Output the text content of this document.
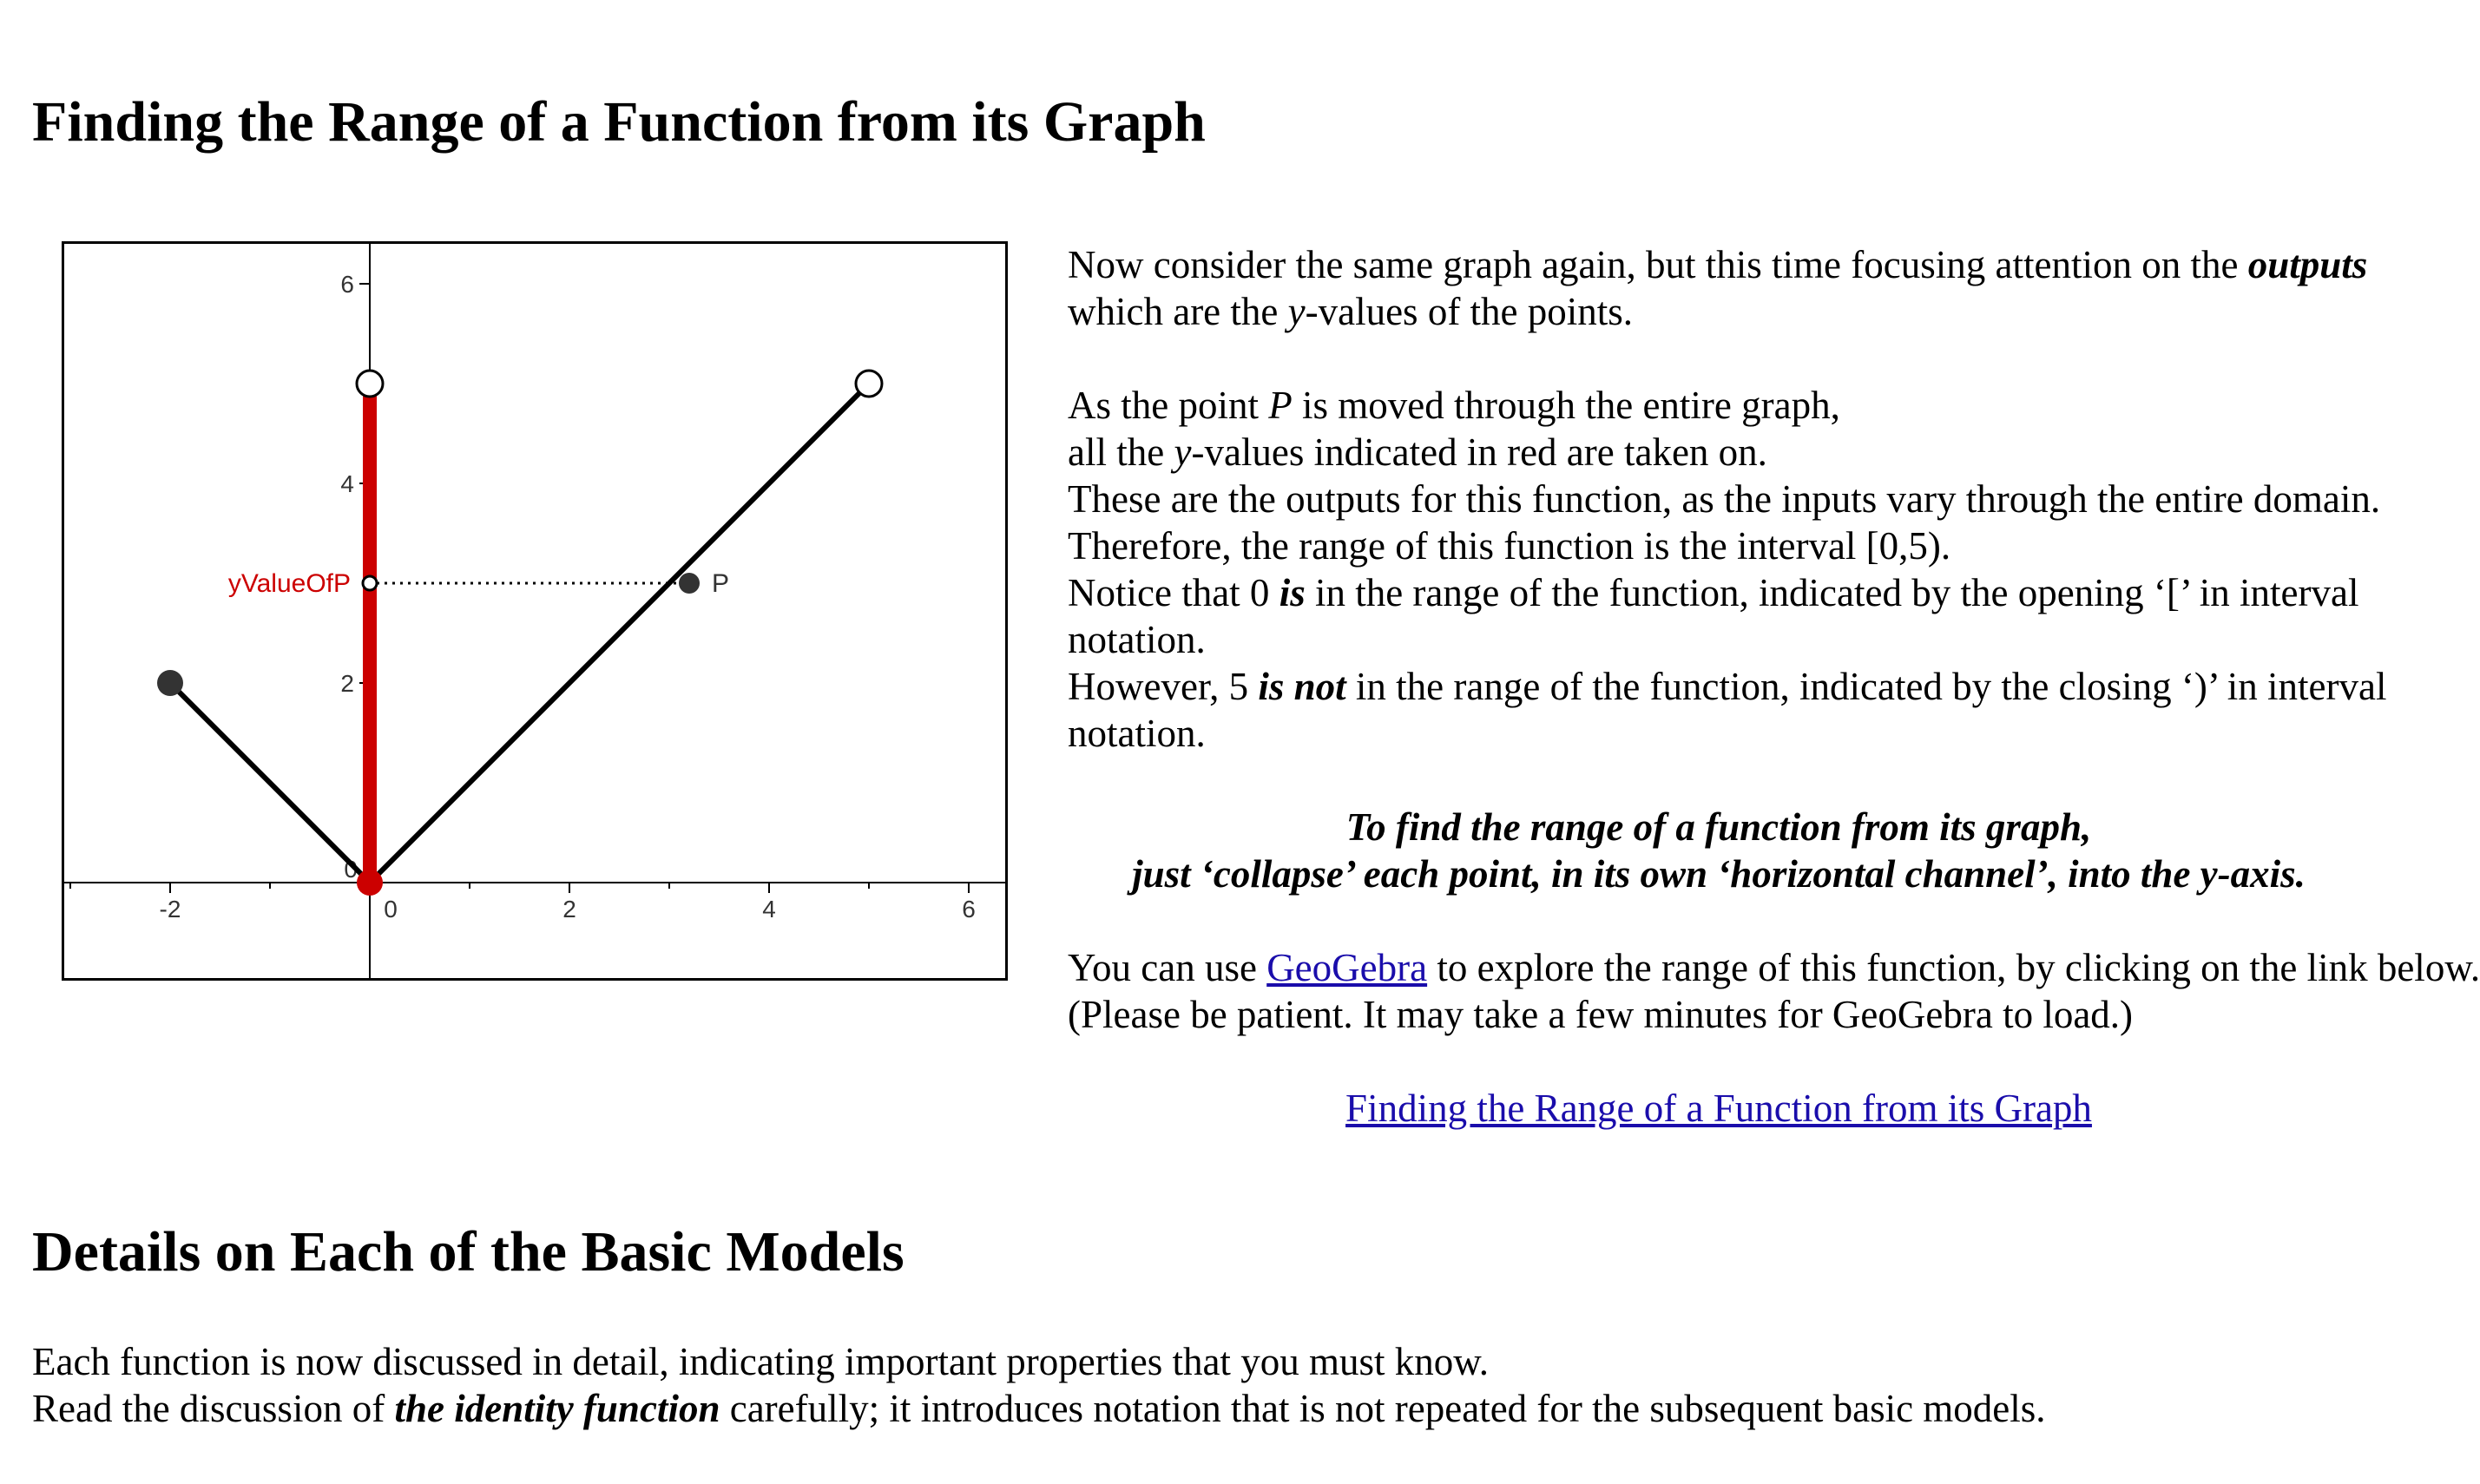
Finding the Range of a Function from its Graph
-2	0	2	4	6
2
4
6
0
yValueOfP	P
Now consider the same graph again, but this time focusing attention on the outputs
which are the y-values of the points.
As the point P is moved through the entire graph,
all the y-values indicated in red are taken on.
These are the outputs for this function, as the inputs vary through the entire domain.
Therefore, the range of this function is the interval [0,5).
Notice that 0 is in the range of the function, indicated by the opening ‘[’ in interval
notation.
However, 5 is not in the range of the function, indicated by the closing ‘)’ in interval
notation.
To find the range of a function from its graph,
just ‘collapse’ each point, in its own ‘horizontal channel’, into the y-axis.
You can use GeoGebra to explore the range of this function, by clicking on the link below.
(Please be patient. It may take a few minutes for GeoGebra to load.)
Finding the Range of a Function from its Graph
Details on Each of the Basic Models
Each function is now discussed in detail, indicating important properties that you must know.
Read the discussion of the identity function carefully; it introduces notation that is not repeated for the subsequent basic models.
